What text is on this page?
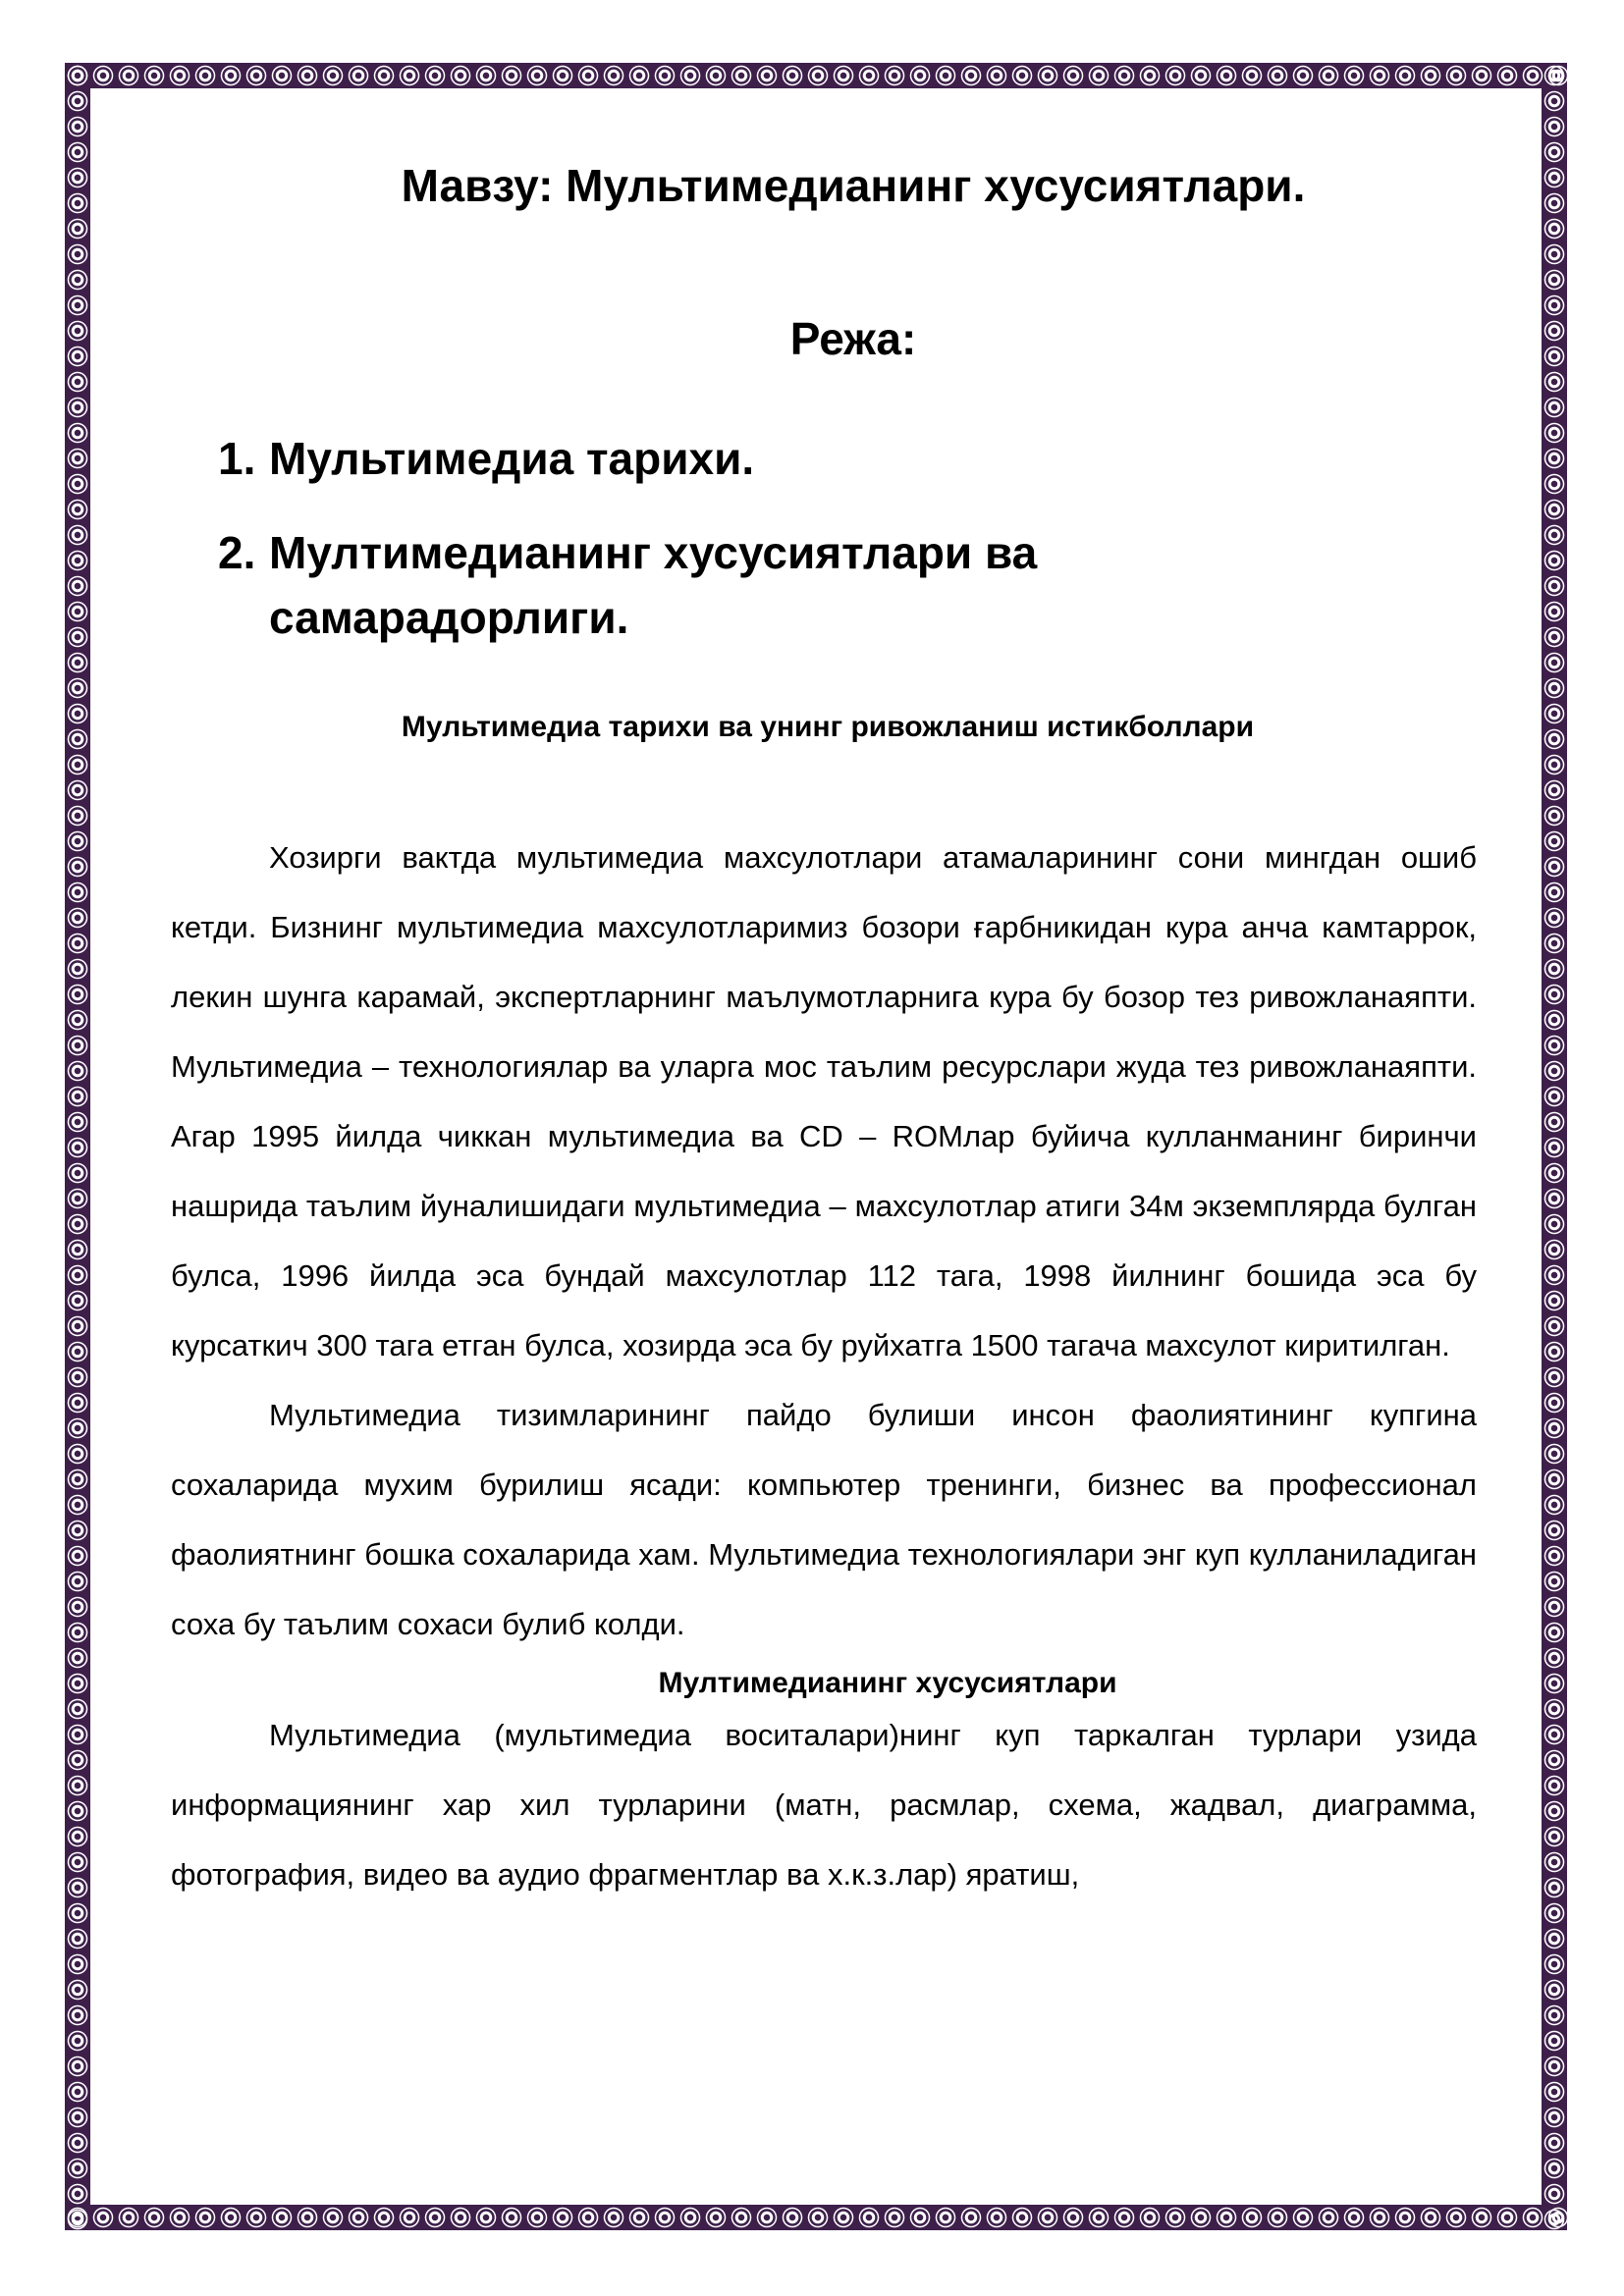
Мавзу: Мультимедианинг хусусиятлари.
Режа:
1. Мультимедиа тарихи.
2. Мултимедианинг хусусиятлари ва самарадорлиги.
Мультимедиа тарихи ва унинг ривожланиш истикболлари

Хозирги вактда мультимедиа махсулотлари атамаларининг сони мингдан ошиб кетди. Бизнинг мультимедиа махсулотларимиз бозори ғарбникидан кура анча камтаррок, лекин шунга карамай, экспертларнинг маълумотларнига кура бу бозор тез ривожланаяпти. Мультимедиа – технологиялар ва уларга мос таълим ресурслари жуда тез ривожланаяпти. Агар 1995 йилда чиккан мультимедиа ва CD – ROMлар буйича кулланманинг биринчи нашрида таълим йуналишидаги мультимедиа – махсулотлар атиги 34м экземплярда булган булса, 1996 йилда эса бундай махсулотлар 112 тага, 1998 йилнинг бошида эса бу курсаткич 300 тага етган булса, хозирда эса бу руйхатга 1500 тагача махсулот киритилган.

Мультимедиа тизимларининг пайдо булиши инсон фаолиятининг купгина сохаларида мухим бурилиш ясади: компьютер тренинги, бизнес ва профессионал фаолиятнинг бошка сохаларида хам. Мультимедиа технологиялари энг куп кулланиладиган соха бу таълим сохаси булиб колди.

Мултимедианинг хусусиятлари

Мультимедиа (мультимедиа воситалари)нинг куп таркалган турлари узида информациянинг хар хил турларини (матн, расмлар, схема, жадвал, диаграмма, фотография, видео ва аудио фрагментлар ва х.к.з.лар) яратиш,
